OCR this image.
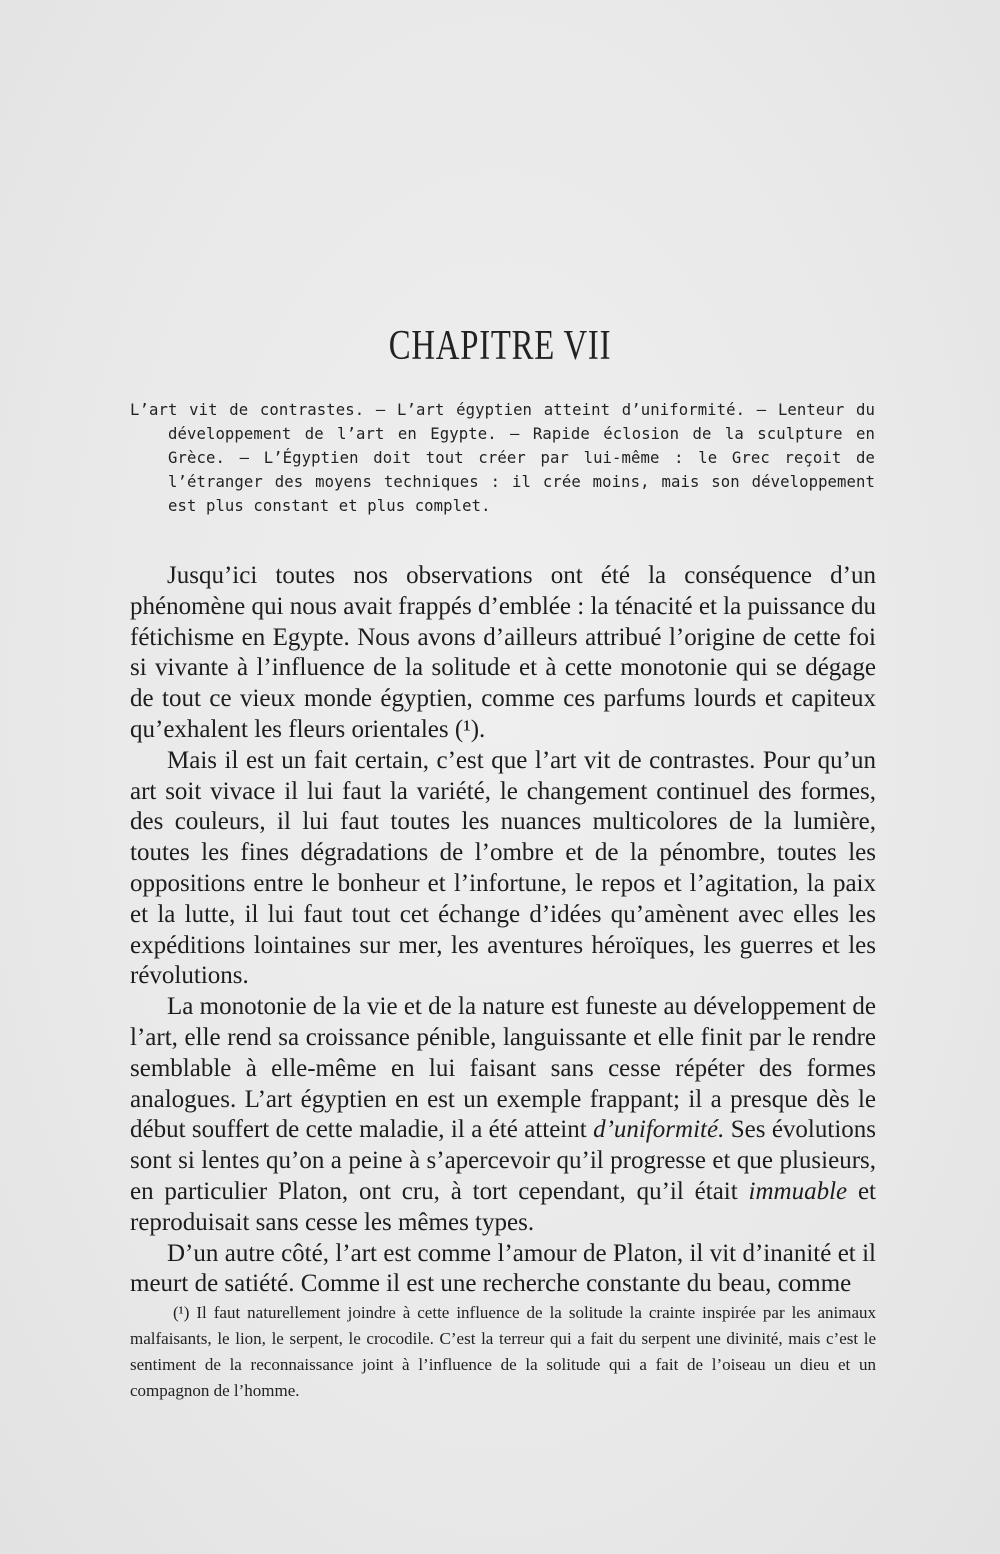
CHAPITRE VII

L’art vit de contrastes. — L’art égyptien atteint d’uniformité. — Lenteur du développement de l’art en Egypte. — Rapide éclosion de la sculpture en Grèce. — L’Égyptien doit tout créer par lui-même : le Grec reçoit de l’étranger des moyens techniques : il crée moins, mais son développement est plus constant et plus complet.

Jusqu’ici toutes nos observations ont été la conséquence d’un phénomène qui nous avait frappés d’emblée : la ténacité et la puissance du fétichisme en Egypte. Nous avons d’ailleurs attribué l’origine de cette foi si vivante à l’influence de la solitude et à cette monotonie qui se dégage de tout ce vieux monde égyptien, comme ces parfums lourds et capiteux qu’exhalent les fleurs orientales (¹).

Mais il est un fait certain, c’est que l’art vit de contrastes. Pour qu’un art soit vivace il lui faut la variété, le changement continuel des formes, des couleurs, il lui faut toutes les nuances multicolores de la lumière, toutes les fines dégradations de l’ombre et de la pénombre, toutes les oppositions entre le bonheur et l’infortune, le repos et l’agitation, la paix et la lutte, il lui faut tout cet échange d’idées qu’amènent avec elles les expéditions lointaines sur mer, les aventures héroïques, les guerres et les révolutions.

La monotonie de la vie et de la nature est funeste au développement de l’art, elle rend sa croissance pénible, languissante et elle finit par le rendre semblable à elle-même en lui faisant sans cesse répéter des formes analogues. L’art égyptien en est un exemple frappant; il a presque dès le début souffert de cette maladie, il a été atteint d’uniformité. Ses évolutions sont si lentes qu’on a peine à s’apercevoir qu’il progresse et que plusieurs, en particulier Platon, ont cru, à tort cependant, qu’il était immuable et reproduisait sans cesse les mêmes types.

D’un autre côté, l’art est comme l’amour de Platon, il vit d’inanité et il meurt de satiété. Comme il est une recherche constante du beau, comme

(¹) Il faut naturellement joindre à cette influence de la solitude la crainte inspirée par les animaux malfaisants, le lion, le serpent, le crocodile. C’est la terreur qui a fait du serpent une divinité, mais c’est le sentiment de la reconnaissance joint à l’influence de la solitude qui a fait de l’oiseau un dieu et un compagnon de l’homme.
